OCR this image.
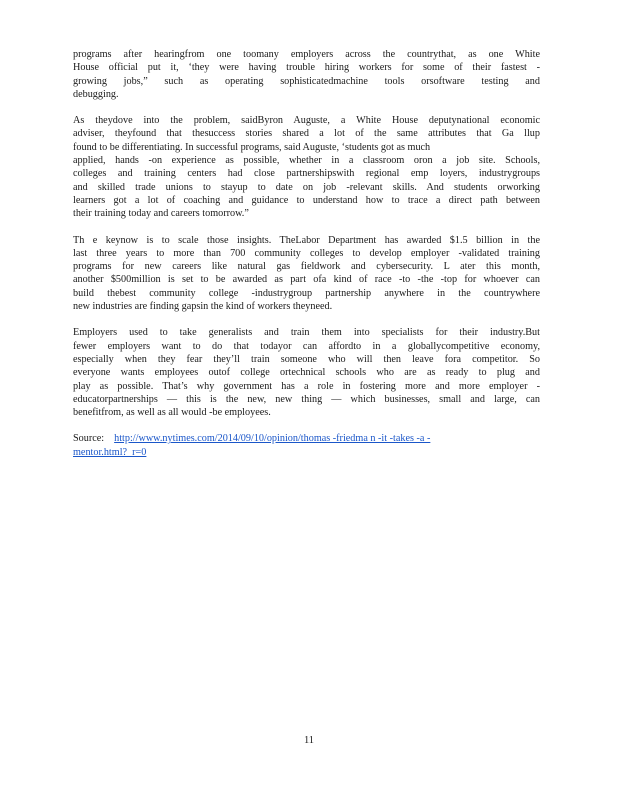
programs after hearingfrom one toomany employers across the countrythat, as one White
House official put it, ‘they were having trouble hiring workers for some of their fastest -
growing jobs,” such as operating sophisticatedmachine tools orsoftware testing and
debugging.

As theydove into the problem, saidByron Auguste, a White House deputynational economic
adviser, theyfound that thesuccess stories shared a lot of the same attributes that Ga llup
found to be differentiating. In successful programs, said Auguste, ‘students got as much
applied, hands -on experience as possible, whether in a classroom oron a job site. Schools,
colleges and training centers had close partnershipswith regional emp loyers, industrygroups
and skilled trade unions to stayup to date on job -relevant skills. And students orworking
learners got a lot of coaching and guidance to understand how to trace a direct path between
their training today and careers tomorrow.”

Th e keynow is to scale those insights. TheLabor Department has awarded $1.5 billion in the
last three years to more than 700 community colleges to develop employer -validated training
programs for new careers like natural gas fieldwork and cybersecurity. L ater this month,
another $500million is set to be awarded as part ofa kind of race -to -the -top for whoever can
build thebest community college -industrygroup partnership anywhere in the countrywhere
new industries are finding gapsin the kind of workers theyneed.

Employers used to take generalists and train them into specialists for their industry.But
fewer employers want to do that todayor can affordto in a globallycompetitive economy,
especially when they fear they’ll train someone who will then leave fora competitor. So
everyone wants employees outof college ortechnical schools who are as ready to plug and
play as possible. That’s why government has a role in fostering more and more employer -
educatorpartnerships — this is the new, new thing — which businesses, small and large, can
benefitfrom, as well as all would -be employees.

Source: http://www.nytimes.com/2014/09/10/opinion/thomas -friedma n -it -takes -a -
mentor.html?_r=0

11
